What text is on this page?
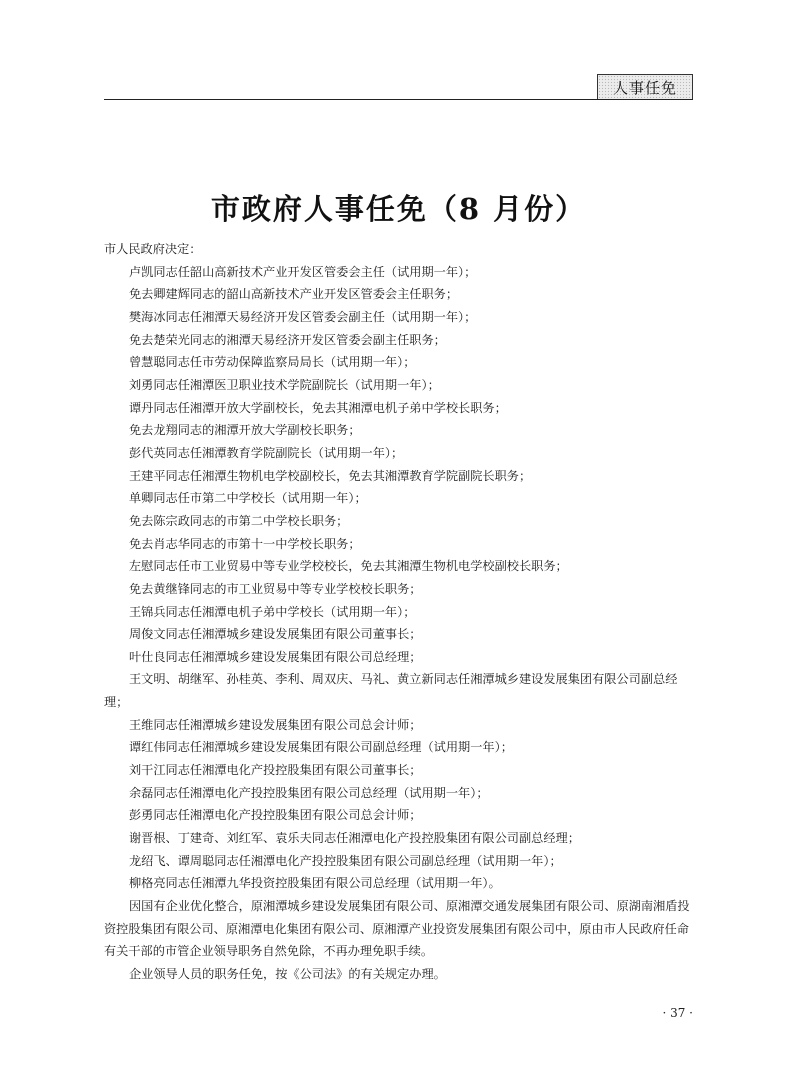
人事任免
市政府人事任免（8 月份）

市人民政府决定：

卢凯同志任韶山高新技术产业开发区管委会主任（试用期一年）；

免去卿建辉同志的韶山高新技术产业开发区管委会主任职务；

樊海冰同志任湘潭天易经济开发区管委会副主任（试用期一年）；

免去楚荣光同志的湘潭天易经济开发区管委会副主任职务；

曾慧聪同志任市劳动保障监察局局长（试用期一年）；

刘勇同志任湘潭医卫职业技术学院副院长（试用期一年）；

谭丹同志任湘潭开放大学副校长，免去其湘潭电机子弟中学校长职务；

免去龙翔同志的湘潭开放大学副校长职务；

彭代英同志任湘潭教育学院副院长（试用期一年）；

王建平同志任湘潭生物机电学校副校长，免去其湘潭教育学院副院长职务；

单卿同志任市第二中学校长（试用期一年）；

免去陈宗政同志的市第二中学校长职务；

免去肖志华同志的市第十一中学校长职务；

左慰同志任市工业贸易中等专业学校校长，免去其湘潭生物机电学校副校长职务；

免去黄继锋同志的市工业贸易中等专业学校校长职务；

王锦兵同志任湘潭电机子弟中学校长（试用期一年）；

周俊文同志任湘潭城乡建设发展集团有限公司董事长；

叶仕良同志任湘潭城乡建设发展集团有限公司总经理；

王文明、胡继军、孙桂英、李利、周双庆、马礼、黄立新同志任湘潭城乡建设发展集团有限公司副总经理；

王维同志任湘潭城乡建设发展集团有限公司总会计师；

谭红伟同志任湘潭城乡建设发展集团有限公司副总经理（试用期一年）；

刘干江同志任湘潭电化产投控股集团有限公司董事长；

余磊同志任湘潭电化产投控股集团有限公司总经理（试用期一年）；

彭勇同志任湘潭电化产投控股集团有限公司总会计师；

谢晋根、丁建奇、刘红军、袁乐夫同志任湘潭电化产投控股集团有限公司副总经理；

龙绍飞、谭周聪同志任湘潭电化产投控股集团有限公司副总经理（试用期一年）；

柳格亮同志任湘潭九华投资控股集团有限公司总经理（试用期一年）。

因国有企业优化整合，原湘潭城乡建设发展集团有限公司、原湘潭交通发展集团有限公司、原湖南湘盾投资控股集团有限公司、原湘潭电化集团有限公司、原湘潭产业投资发展集团有限公司中，原由市人民政府任命有关干部的市管企业领导职务自然免除，不再办理免职手续。

企业领导人员的职务任免，按《公司法》的有关规定办理。

· 37 ·
